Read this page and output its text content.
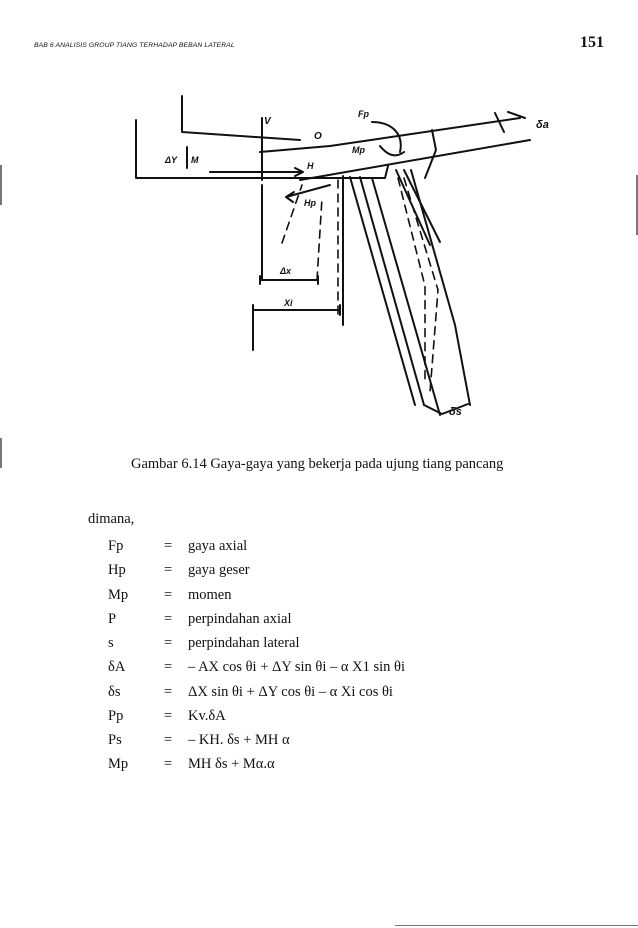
BAB 6 ANALISIS GROUP TIANG TERHADAP BEBAN LATERAL	151
V
O
Fp
Mp
δa
ΔY M
H
Hp
Δx
Xi
δs
Gambar 6.14 Gaya-gaya yang bekerja pada ujung tiang pancang
dimana,
Fp	=	gaya axial
Hp	=	gaya geser
Mp	=	momen
P	=	perpindahan axial
s	=	perpindahan lateral
δA	=	– AX cos θi + ΔY sin θi – α X1 sin θi
δs	=	ΔX sin θi + ΔY cos θi – α Xi cos θi
Pp	=	Kv.δA
Ps	=	– KH. δs + MH α
Mp	=	MH δs + Mα.α
